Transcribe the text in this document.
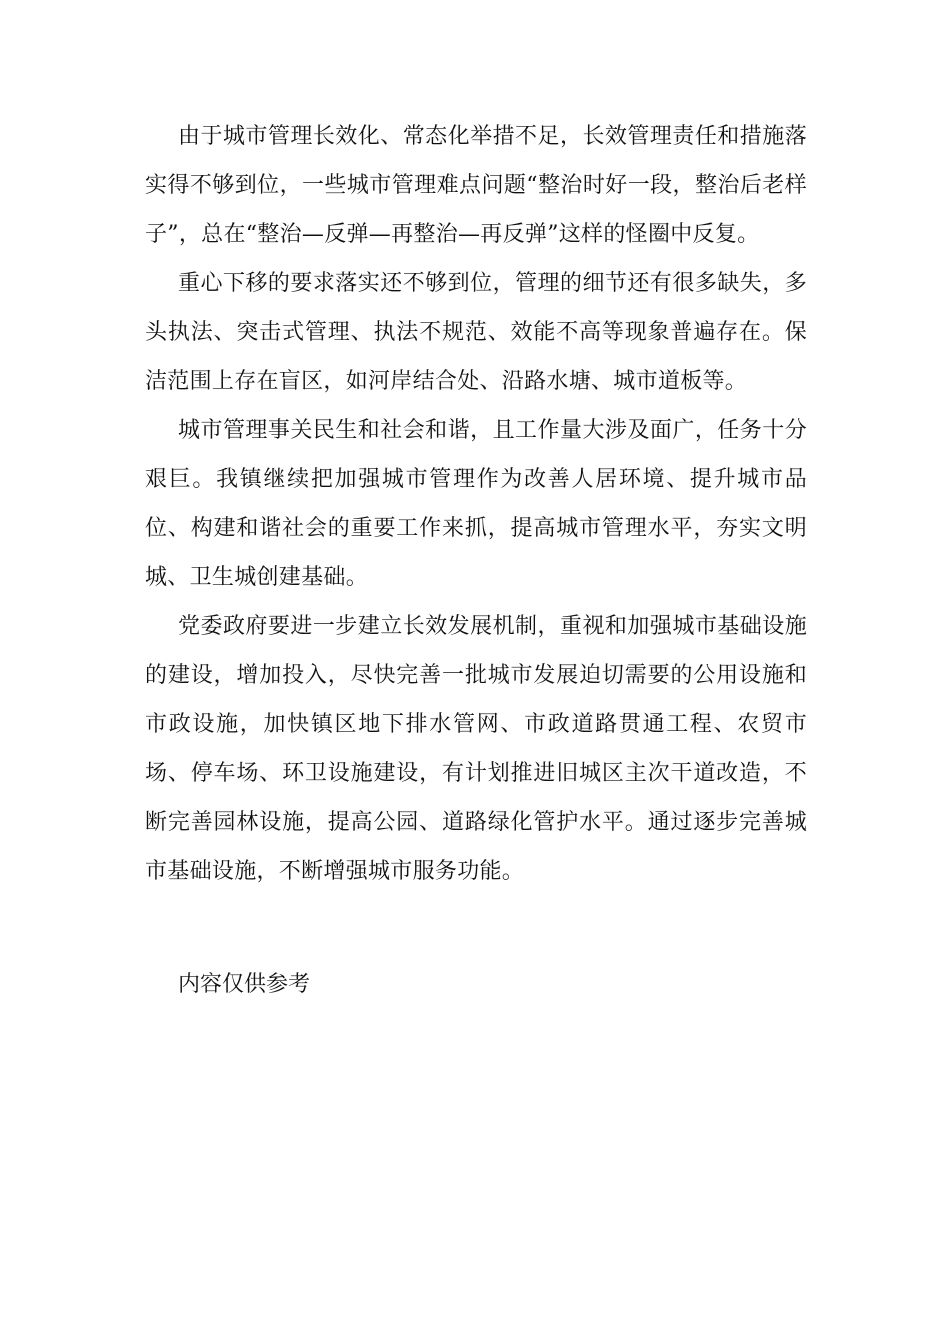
由于城市管理长效化、常态化举措不足，长效管理责任和措施落实得不够到位，一些城市管理难点问题“整治时好一段，整治后老样子”，总在“整治—反弹—再整治—再反弹”这样的怪圈中反复。

重心下移的要求落实还不够到位，管理的细节还有很多缺失，多头执法、突击式管理、执法不规范、效能不高等现象普遍存在。保洁范围上存在盲区，如河岸结合处、沿路水塘、城市道板等。

城市管理事关民生和社会和谐，且工作量大涉及面广，任务十分艰巨。我镇继续把加强城市管理作为改善人居环境、提升城市品位、构建和谐社会的重要工作来抓，提高城市管理水平，夯实文明城、卫生城创建基础。

党委政府要进一步建立长效发展机制，重视和加强城市基础设施的建设，增加投入，尽快完善一批城市发展迫切需要的公用设施和市政设施，加快镇区地下排水管网、市政道路贯通工程、农贸市场、停车场、环卫设施建设，有计划推进旧城区主次干道改造，不断完善园林设施，提高公园、道路绿化管护水平。通过逐步完善城市基础设施，不断增强城市服务功能。

内容仅供参考
